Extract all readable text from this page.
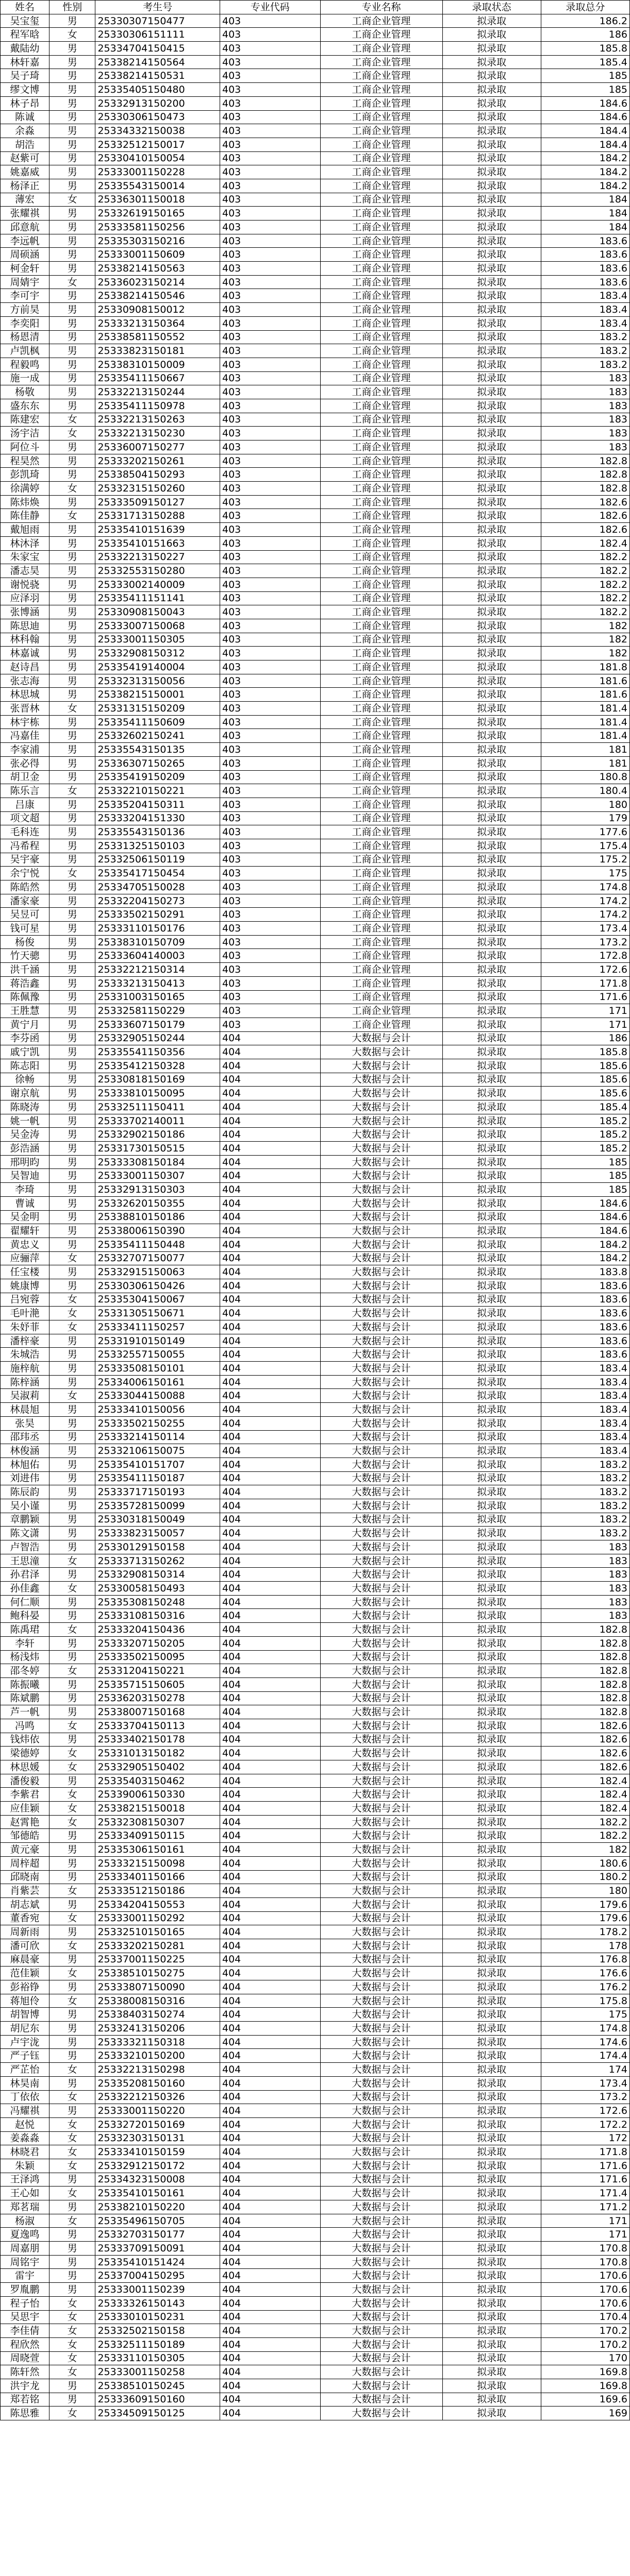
姓名	性别	考生号	专业代码	专业名称	录取状态	录取总分
吴宝玺	男	25330307150477	403	工商企业管理	拟录取	186.2
程军晗	女	25330306151111	403	工商企业管理	拟录取	186
戴陆幼	男	25334704150415	403	工商企业管理	拟录取	185.8
林轩嘉	男	25338214150564	403	工商企业管理	拟录取	185.4
吴子琦	男	25338214150531	403	工商企业管理	拟录取	185
缪文博	男	25335405150480	403	工商企业管理	拟录取	185
林子昂	男	25332913150200	403	工商企业管理	拟录取	184.6
陈诚	男	25330306150473	403	工商企业管理	拟录取	184.6
余淼	男	25334332150038	403	工商企业管理	拟录取	184.4
胡浩	男	25332512150017	403	工商企业管理	拟录取	184.4
赵紫可	男	25330410150054	403	工商企业管理	拟录取	184.2
姚嘉威	男	25333001150228	403	工商企业管理	拟录取	184.2
杨泽正	男	25335543150014	403	工商企业管理	拟录取	184.2
薄宏	女	25336301150018	403	工商企业管理	拟录取	184
张耀祺	男	25332619150165	403	工商企业管理	拟录取	184
邱意航	男	25333581150256	403	工商企业管理	拟录取	184
李远帆	男	25335303150216	403	工商企业管理	拟录取	183.6
周硕涵	男	25333001150609	403	工商企业管理	拟录取	183.6
柯金轩	男	25338214150563	403	工商企业管理	拟录取	183.6
周婧宇	女	25336023150214	403	工商企业管理	拟录取	183.6
李可宇	男	25338214150546	403	工商企业管理	拟录取	183.4
方前昊	男	25330908150012	403	工商企业管理	拟录取	183.4
李奕阳	男	25333213150364	403	工商企业管理	拟录取	183.4
杨恩清	男	25338581150552	403	工商企业管理	拟录取	183.2
卢凯枫	男	25333823150181	403	工商企业管理	拟录取	183.2
程毅鸣	男	25338310150009	403	工商企业管理	拟录取	183.2
施一成	男	25335411150667	403	工商企业管理	拟录取	183
杨敬	男	25332213150244	403	工商企业管理	拟录取	183
盛东东	男	25335411150978	403	工商企业管理	拟录取	183
陈建宏	女	25332213150263	403	工商企业管理	拟录取	183
汤宇洁	女	25332213150230	403	工商企业管理	拟录取	183
阿位斗	男	25336007150277	403	工商企业管理	拟录取	183
程昊然	男	25333202150261	403	工商企业管理	拟录取	182.8
彭凯琦	男	25338504150293	403	工商企业管理	拟录取	182.8
徐满婷	女	25332315150260	403	工商企业管理	拟录取	182.8
陈炜焕	男	25333509150127	403	工商企业管理	拟录取	182.6
陈佳静	女	25331713150288	403	工商企业管理	拟录取	182.6
戴旭雨	男	25335410151639	403	工商企业管理	拟录取	182.6
林沐泽	男	25335410151663	403	工商企业管理	拟录取	182.4
朱家宝	男	25332213150227	403	工商企业管理	拟录取	182.2
潘志昊	男	25332553150280	403	工商企业管理	拟录取	182.2
谢悦骁	男	25333002140009	403	工商企业管理	拟录取	182.2
应泽羽	男	25335411151141	403	工商企业管理	拟录取	182.2
张博涵	男	25330908150043	403	工商企业管理	拟录取	182.2
陈思迪	男	25333007150068	403	工商企业管理	拟录取	182
林科翰	男	25333001150305	403	工商企业管理	拟录取	182
林嘉诚	男	25332908150312	403	工商企业管理	拟录取	182
赵诗昌	男	25335419140004	403	工商企业管理	拟录取	181.8
张志海	男	25332313150056	403	工商企业管理	拟录取	181.6
林思城	男	25338215150001	403	工商企业管理	拟录取	181.6
张晋林	女	25331315150209	403	工商企业管理	拟录取	181.4
林宇栋	男	25335411150609	403	工商企业管理	拟录取	181.4
冯嘉佳	男	25332602150241	403	工商企业管理	拟录取	181.4
李家浦	男	25335543150135	403	工商企业管理	拟录取	181
张必得	男	25336307150265	403	工商企业管理	拟录取	181
胡卫金	男	25335419150209	403	工商企业管理	拟录取	180.8
陈乐言	女	25332210150221	403	工商企业管理	拟录取	180.4
吕康	男	25335204150311	403	工商企业管理	拟录取	180
项文超	男	25333204151330	403	工商企业管理	拟录取	179
毛科连	男	25335543150136	403	工商企业管理	拟录取	177.6
冯希程	男	25331325150103	403	工商企业管理	拟录取	175.4
吴宇豪	男	25332506150119	403	工商企业管理	拟录取	175.2
余宁悦	女	25335417150454	403	工商企业管理	拟录取	175
陈皓然	男	25334705150028	403	工商企业管理	拟录取	174.8
潘家豪	男	25332204150273	403	工商企业管理	拟录取	174.2
吴昱可	男	25333502150291	403	工商企业管理	拟录取	174.2
钱可星	男	25333110150176	403	工商企业管理	拟录取	173.4
杨俊	男	25338310150709	403	工商企业管理	拟录取	173.2
竹天骢	男	25333604140003	403	工商企业管理	拟录取	172.8
洪千涵	男	25332212150314	403	工商企业管理	拟录取	172.6
蒋浩鑫	男	25333213150413	403	工商企业管理	拟录取	171.8
陈佩豫	男	25331003150165	403	工商企业管理	拟录取	171.6
王胜慧	男	25332581150229	403	工商企业管理	拟录取	171
黄宁月	男	25333607150179	403	工商企业管理	拟录取	171
李芬函	男	25332905150244	404	大数据与会计	拟录取	186
戚宁凯	男	25335541150356	404	大数据与会计	拟录取	185.8
陈志阳	男	25335412150328	404	大数据与会计	拟录取	185.6
徐畅	男	25330818150169	404	大数据与会计	拟录取	185.6
谢京航	男	25333810150095	404	大数据与会计	拟录取	185.6
陈晓涛	男	25332511150411	404	大数据与会计	拟录取	185.4
姚一帆	男	25333702140011	404	大数据与会计	拟录取	185.2
吴金涛	男	25332902150186	404	大数据与会计	拟录取	185.2
彭浩涵	男	25331730150515	404	大数据与会计	拟录取	185.2
邢明昀	男	25333308150184	404	大数据与会计	拟录取	185
吴智迪	男	25333001150307	404	大数据与会计	拟录取	185
李琦	男	25332913150303	404	大数据与会计	拟录取	185
曹诚	男	25332620150355	404	大数据与会计	拟录取	184.6
吴金明	男	25338810150186	404	大数据与会计	拟录取	184.6
翟耀轩	男	25338006150390	404	大数据与会计	拟录取	184.6
黄忠义	男	25335411150448	404	大数据与会计	拟录取	184.2
应骊萍	女	25332707150077	404	大数据与会计	拟录取	184.2
任宝楼	男	25332915150063	404	大数据与会计	拟录取	183.8
姚康博	男	25330306150426	404	大数据与会计	拟录取	183.6
吕宛蓉	女	25335304150067	404	大数据与会计	拟录取	183.6
毛叶滟	女	25331305150671	404	大数据与会计	拟录取	183.6
朱妤菲	女	25333411150257	404	大数据与会计	拟录取	183.6
潘梓豪	男	25331910150149	404	大数据与会计	拟录取	183.6
朱城浩	男	25332557150055	404	大数据与会计	拟录取	183.6
施梓航	男	25333508150101	404	大数据与会计	拟录取	183.4
陈梓涵	男	25334006150161	404	大数据与会计	拟录取	183.4
吴淑莉	女	25333044150088	404	大数据与会计	拟录取	183.4
林晨旭	男	25333410150056	404	大数据与会计	拟录取	183.4
张昊	男	25333502150255	404	大数据与会计	拟录取	183.4
邵玮丞	男	25333214150114	404	大数据与会计	拟录取	183.4
林俊涵	男	25332106150075	404	大数据与会计	拟录取	183.4
林旭佑	男	25335410151707	404	大数据与会计	拟录取	183.2
刘进伟	男	25335411150187	404	大数据与会计	拟录取	183.2
陈辰韵	男	25333717150193	404	大数据与会计	拟录取	183.2
吴小谨	男	25335728150099	404	大数据与会计	拟录取	183.2
章鹏颖	男	25330318150049	404	大数据与会计	拟录取	183.2
陈文潇	男	25333823150057	404	大数据与会计	拟录取	183.2
卢智浩	男	25330129150158	404	大数据与会计	拟录取	183
王思潼	女	25333713150262	404	大数据与会计	拟录取	183
孙君泽	男	25332908150314	404	大数据与会计	拟录取	183
孙佳鑫	女	25330058150493	404	大数据与会计	拟录取	183
何仁顺	男	25335308150248	404	大数据与会计	拟录取	183
鲍科晏	男	25333108150316	404	大数据与会计	拟录取	183
陈禹珺	女	25333204150436	404	大数据与会计	拟录取	182.8
李轩	男	25333207150205	404	大数据与会计	拟录取	182.8
杨浅炜	男	25333502150095	404	大数据与会计	拟录取	182.8
邵冬婷	女	25331204150221	404	大数据与会计	拟录取	182.8
陈振曦	男	25335715150605	404	大数据与会计	拟录取	182.8
陈斌鹏	男	25336203150278	404	大数据与会计	拟录取	182.8
芦一帆	男	25338007150168	404	大数据与会计	拟录取	182.8
冯鸣	女	25333704150113	404	大数据与会计	拟录取	182.6
钱炜依	男	25333402150178	404	大数据与会计	拟录取	182.6
梁德婷	女	25331013150182	404	大数据与会计	拟录取	182.6
林思媛	女	25332905150402	404	大数据与会计	拟录取	182.6
潘俊毅	男	25335403150462	404	大数据与会计	拟录取	182.4
李紫君	女	25339006150330	404	大数据与会计	拟录取	182.4
应佳颖	女	25338215150018	404	大数据与会计	拟录取	182.4
赵霄艳	女	25332308150307	404	大数据与会计	拟录取	182.2
邹德皓	男	25333409150115	404	大数据与会计	拟录取	182.2
黄元豪	男	25335306150161	404	大数据与会计	拟录取	182
周梓超	男	25333215150098	404	大数据与会计	拟录取	180.6
邱晓南	男	25333401150166	404	大数据与会计	拟录取	180.2
肖紫芸	女	25333512150186	404	大数据与会计	拟录取	180
胡志斌	男	25334204150553	404	大数据与会计	拟录取	179.6
董香宛	女	25333001150292	404	大数据与会计	拟录取	179.6
周新雨	男	25332510150165	404	大数据与会计	拟录取	178.2
潘可欣	女	25333202150281	404	大数据与会计	拟录取	178
麻晨豪	男	25337001150225	404	大数据与会计	拟录取	176.8
范佳颖	女	25338510150275	404	大数据与会计	拟录取	176.6
彭裕铮	男	25333807150090	404	大数据与会计	拟录取	176.2
蒋旭伶	女	25338008150316	404	大数据与会计	拟录取	175.8
胡智博	男	25338403150274	404	大数据与会计	拟录取	175
胡尼东	男	25332413150206	404	大数据与会计	拟录取	174.8
卢宇泷	男	25333321150318	404	大数据与会计	拟录取	174.6
严子钰	男	25333210150200	404	大数据与会计	拟录取	174.4
严芷怡	女	25332213150298	404	大数据与会计	拟录取	174
林昊南	男	25335208150160	404	大数据与会计	拟录取	173.4
丁依依	女	25332212150326	404	大数据与会计	拟录取	173.2
冯耀祺	男	25333001150220	404	大数据与会计	拟录取	172.6
赵悦	女	25332720150169	404	大数据与会计	拟录取	172.2
姜淼淼	女	25332303150131	404	大数据与会计	拟录取	172
林晓君	女	25333410150159	404	大数据与会计	拟录取	171.8
朱颖	女	25332912150172	404	大数据与会计	拟录取	171.6
王泽鸿	男	25334323150008	404	大数据与会计	拟录取	171.6
王心如	女	25335410150161	404	大数据与会计	拟录取	171.4
郑茗瑞	男	25338210150220	404	大数据与会计	拟录取	171.2
杨淑	女	25335496150705	404	大数据与会计	拟录取	171
夏逸鸣	男	25332703150177	404	大数据与会计	拟录取	171
周嘉朋	男	25333709150091	404	大数据与会计	拟录取	170.8
周铭宇	男	25335410151424	404	大数据与会计	拟录取	170.8
雷宇	男	25337004150295	404	大数据与会计	拟录取	170.6
罗胤鹏	男	25333001150239	404	大数据与会计	拟录取	170.6
程子怡	女	25333326150143	404	大数据与会计	拟录取	170.6
吴思宇	女	25333010150231	404	大数据与会计	拟录取	170.4
李佳倩	女	25332502150158	404	大数据与会计	拟录取	170.2
程欣然	女	25332511150189	404	大数据与会计	拟录取	170.2
周晓萱	女	25333110150305	404	大数据与会计	拟录取	170
陈轩然	女	25333001150258	404	大数据与会计	拟录取	169.8
洪宇龙	男	25338510150245	404	大数据与会计	拟录取	169.8
郑若铭	男	25333609150160	404	大数据与会计	拟录取	169.6
陈思雅	女	25334509150125	404	大数据与会计	拟录取	169
